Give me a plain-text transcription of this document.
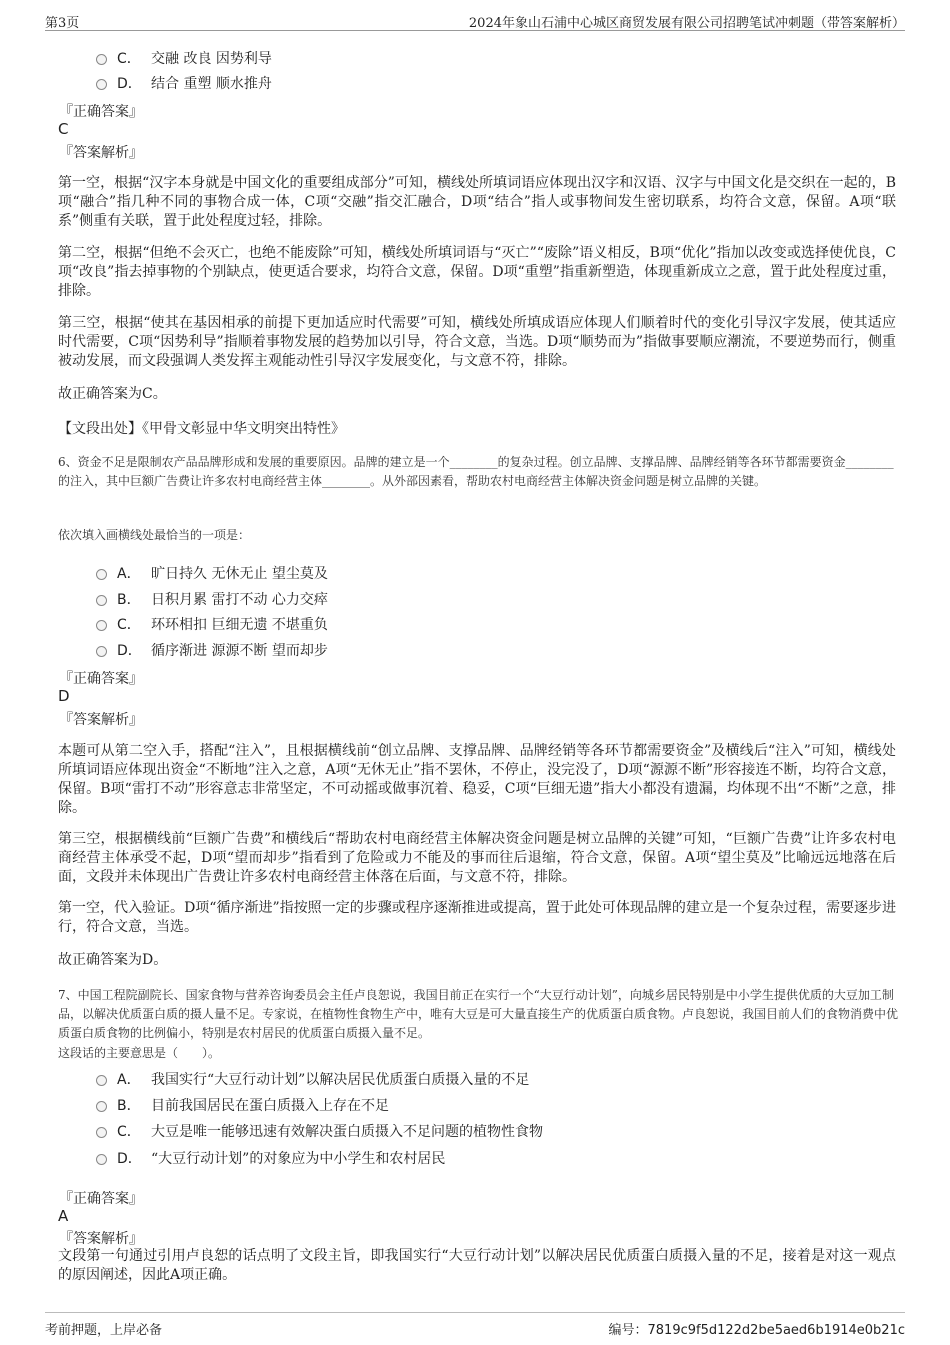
第3页	2024年象山石浦中心城区商贸发展有限公司招聘笔试冲刺题（带答案解析）
C． 交融 改良 因势利导
D． 结合 重塑 顺水推舟
『正确答案』
C
『答案解析』
第一空，根据“汉字本身就是中国文化的重要组成部分”可知，横线处所填词语应体现出汉字和汉语、汉字与中国文化是交织在一起的，B项“融合”指几种不同的事物合成一体，C项“交融”指交汇融合，D项“结合”指人或事物间发生密切联系，均符合文意，保留。A项“联系”侧重有关联，置于此处程度过轻，排除。
第二空，根据“但绝不会灭亡，也绝不能废除”可知，横线处所填词语与“灭亡”“废除”语义相反，B项“优化”指加以改变或选择使优良，C项“改良”指去掉事物的个别缺点，使更适合要求，均符合文意，保留。D项“重塑”指重新塑造，体现重新成立之意，置于此处程度过重，排除。
第三空，根据“使其在基因相承的前提下更加适应时代需要”可知，横线处所填成语应体现人们顺着时代的变化引导汉字发展，使其适应时代需要，C项“因势利导”指顺着事物发展的趋势加以引导，符合文意，当选。D项“顺势而为”指做事要顺应潮流，不要逆势而行，侧重被动发展，而文段强调人类发挥主观能动性引导汉字发展变化，与文意不符，排除。
故正确答案为C。
【文段出处】《甲骨文彰显中华文明突出特性》
6、资金不足是限制农产品品牌形成和发展的重要原因。品牌的建立是一个________的复杂过程。创立品牌、支撑品牌、品牌经销等各环节都需要资金________的注入，其中巨额广告费让许多农村电商经营主体________。从外部因素看，帮助农村电商经营主体解决资金问题是树立品牌的关键。
依次填入画横线处最恰当的一项是：
A． 旷日持久 无休无止 望尘莫及
B． 日积月累 雷打不动 心力交瘁
C． 环环相扣 巨细无遗 不堪重负
D． 循序渐进 源源不断 望而却步
『正确答案』
D
『答案解析』
本题可从第二空入手，搭配“注入”，且根据横线前“创立品牌、支撑品牌、品牌经销等各环节都需要资金”及横线后“注入”可知，横线处所填词语应体现出资金“不断地”注入之意，A项“无休无止”指不罢休，不停止，没完没了，D项“源源不断”形容接连不断，均符合文意，保留。B项“雷打不动”形容意志非常坚定，不可动摇或做事沉着、稳妥，C项“巨细无遗”指大小都没有遗漏，均体现不出“不断”之意，排除。
第三空，根据横线前“巨额广告费”和横线后“帮助农村电商经营主体解决资金问题是树立品牌的关键”可知，“巨额广告费”让许多农村电商经营主体承受不起，D项“望而却步”指看到了危险或力不能及的事而往后退缩，符合文意，保留。A项“望尘莫及”比喻远远地落在后面，文段并未体现出广告费让许多农村电商经营主体落在后面，与文意不符，排除。
第一空，代入验证。D项“循序渐进”指按照一定的步骤或程序逐渐推进或提高，置于此处可体现品牌的建立是一个复杂过程，需要逐步进行，符合文意，当选。
故正确答案为D。
7、中国工程院副院长、国家食物与营养咨询委员会主任卢良恕说，我国目前正在实行一个“大豆行动计划”，向城乡居民特别是中小学生提供优质的大豆加工制品，以解决优质蛋白质的摄人量不足。专家说，在植物性食物生产中，唯有大豆是可大量直接生产的优质蛋白质食物。卢良恕说，我国目前人们的食物消费中优质蛋白质食物的比例偏小，特别是农村居民的优质蛋白质摄入量不足。
这段话的主要意思是（　　）。
A． 我国实行“大豆行动计划”以解决居民优质蛋白质摄入量的不足
B． 目前我国居民在蛋白质摄入上存在不足
C． 大豆是唯一能够迅速有效解决蛋白质摄入不足问题的植物性食物
D． “大豆行动计划”的对象应为中小学生和农村居民
『正确答案』
A
『答案解析』
文段第一句通过引用卢良恕的话点明了文段主旨，即我国实行“大豆行动计划”以解决居民优质蛋白质摄入量的不足，接着是对这一观点的原因阐述，因此A项正确。
考前押题，上岸必备	编号：7819c9f5d122d2be5aed6b1914e0b21c
